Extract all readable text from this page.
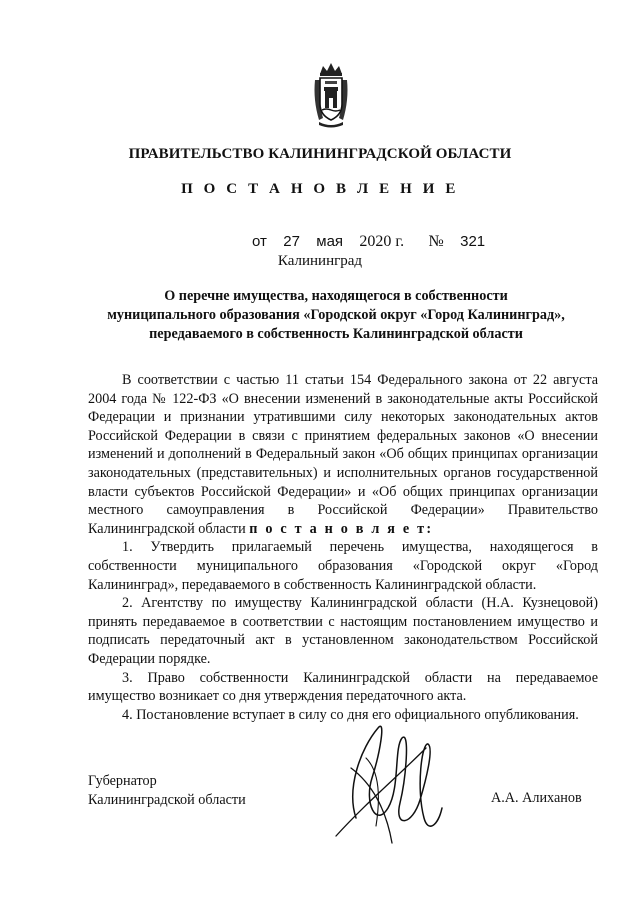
ПРАВИТЕЛЬСТВО КАЛИНИНГРАДСКОЙ ОБЛАСТИ
П О С Т А Н О В Л Е Н И Е
от 27 мая 2020 г. № 321
Калининград
О перечне имущества, находящегося в собственности
муниципального образования «Городской округ «Город Калининград»,
передаваемого в собственность Калининградской области

В соответствии с частью 11 статьи 154 Федерального закона от 22 августа 2004 года № 122-ФЗ «О внесении изменений в законодательные акты Российской Федерации и признании утратившими силу некоторых законодательных актов Российской Федерации в связи с принятием федеральных законов «О внесении изменений и дополнений в Федеральный закон «Об общих принципах организации законодательных (представительных) и исполнительных органов государственной власти субъектов Российской Федерации» и «Об общих принципах организации местного самоуправления в Российской Федерации» Правительство Калининградской области п о с т а н о в л я е т:

1. Утвердить прилагаемый перечень имущества, находящегося в собственности муниципального образования «Городской округ «Город Калининград», передаваемого в собственность Калининградской области.

2. Агентству по имуществу Калининградской области (Н.А. Кузнецовой) принять передаваемое в соответствии с настоящим постановлением имущество и подписать передаточный акт в установленном законодательством Российской Федерации порядке.

3. Право собственности Калининградской области на передаваемое имущество возникает со дня утверждения передаточного акта.

4. Постановление вступает в силу со дня его официального опубликования.

Губернатор
Калининградской области	А.А. Алиханов
